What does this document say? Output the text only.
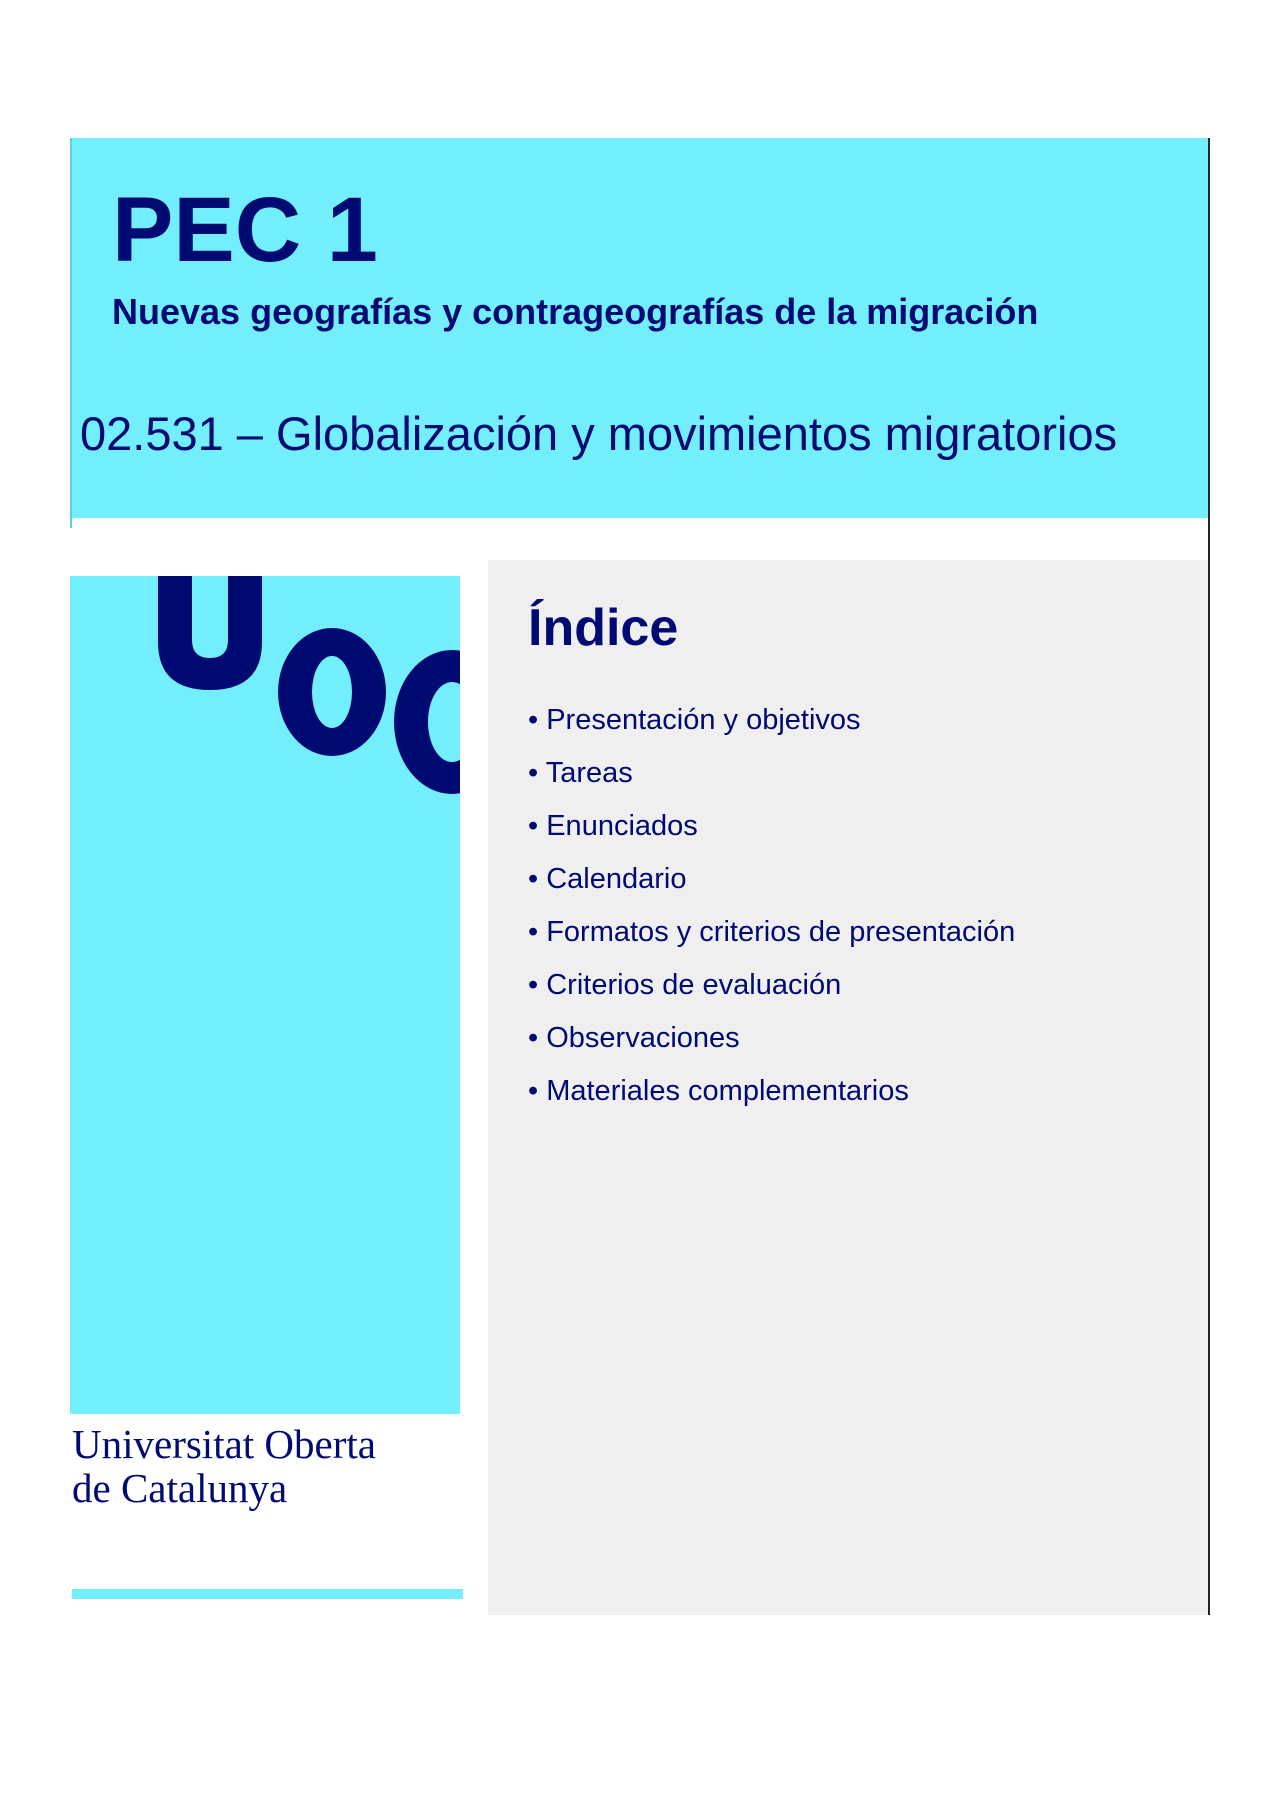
PEC 1
Nuevas geografías y contrageografías de la migración

02.531 – Globalización y movimientos migratorios

Universitat Oberta
de Catalunya

Índice
• Presentación y objetivos
• Tareas
• Enunciados
• Calendario
• Formatos y criterios de presentación
• Criterios de evaluación
• Observaciones
• Materiales complementarios
